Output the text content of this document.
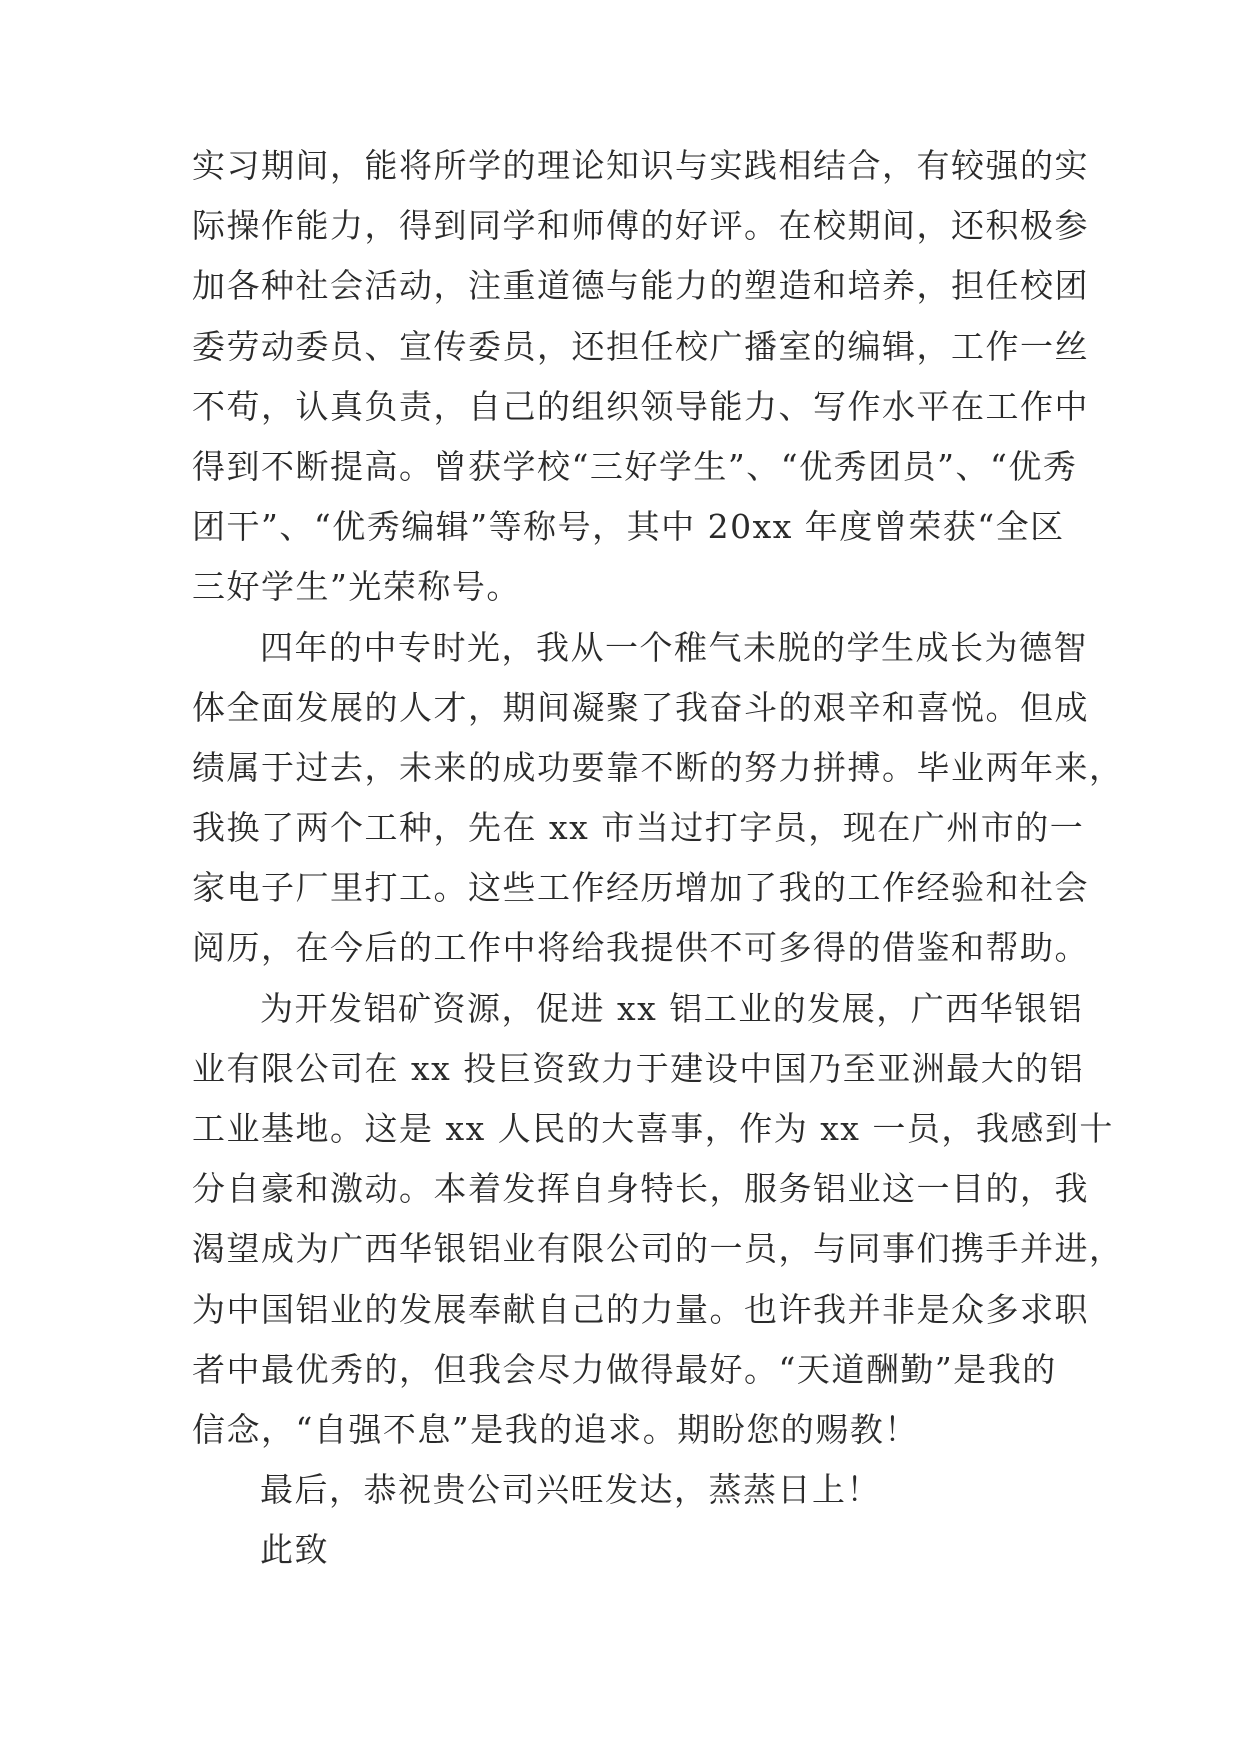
实习期间，能将所学的理论知识与实践相结合，有较强的实
际操作能力，得到同学和师傅的好评。在校期间，还积极参
加各种社会活动，注重道德与能力的塑造和培养，担任校团
委劳动委员、宣传委员，还担任校广播室的编辑，工作一丝
不苟，认真负责，自己的组织领导能力、写作水平在工作中
得到不断提高。曾获学校“三好学生”、“优秀团员”、“优秀
团干”、“优秀编辑”等称号，其中 20xx 年度曾荣获“全区
三好学生”光荣称号。
四年的中专时光，我从一个稚气未脱的学生成长为德智
体全面发展的人才，期间凝聚了我奋斗的艰辛和喜悦。但成
绩属于过去，未来的成功要靠不断的努力拼搏。毕业两年来，
我换了两个工种，先在 xx 市当过打字员，现在广州市的一
家电子厂里打工。这些工作经历增加了我的工作经验和社会
阅历，在今后的工作中将给我提供不可多得的借鉴和帮助。
为开发铝矿资源，促进 xx 铝工业的发展，广西华银铝
业有限公司在 xx 投巨资致力于建设中国乃至亚洲最大的铝
工业基地。这是 xx 人民的大喜事，作为 xx 一员，我感到十
分自豪和激动。本着发挥自身特长，服务铝业这一目的，我
渴望成为广西华银铝业有限公司的一员，与同事们携手并进，
为中国铝业的发展奉献自己的力量。也许我并非是众多求职
者中最优秀的，但我会尽力做得最好。“天道酬勤”是我的
信念，“自强不息”是我的追求。期盼您的赐教！
最后，恭祝贵公司兴旺发达，蒸蒸日上！
此致
